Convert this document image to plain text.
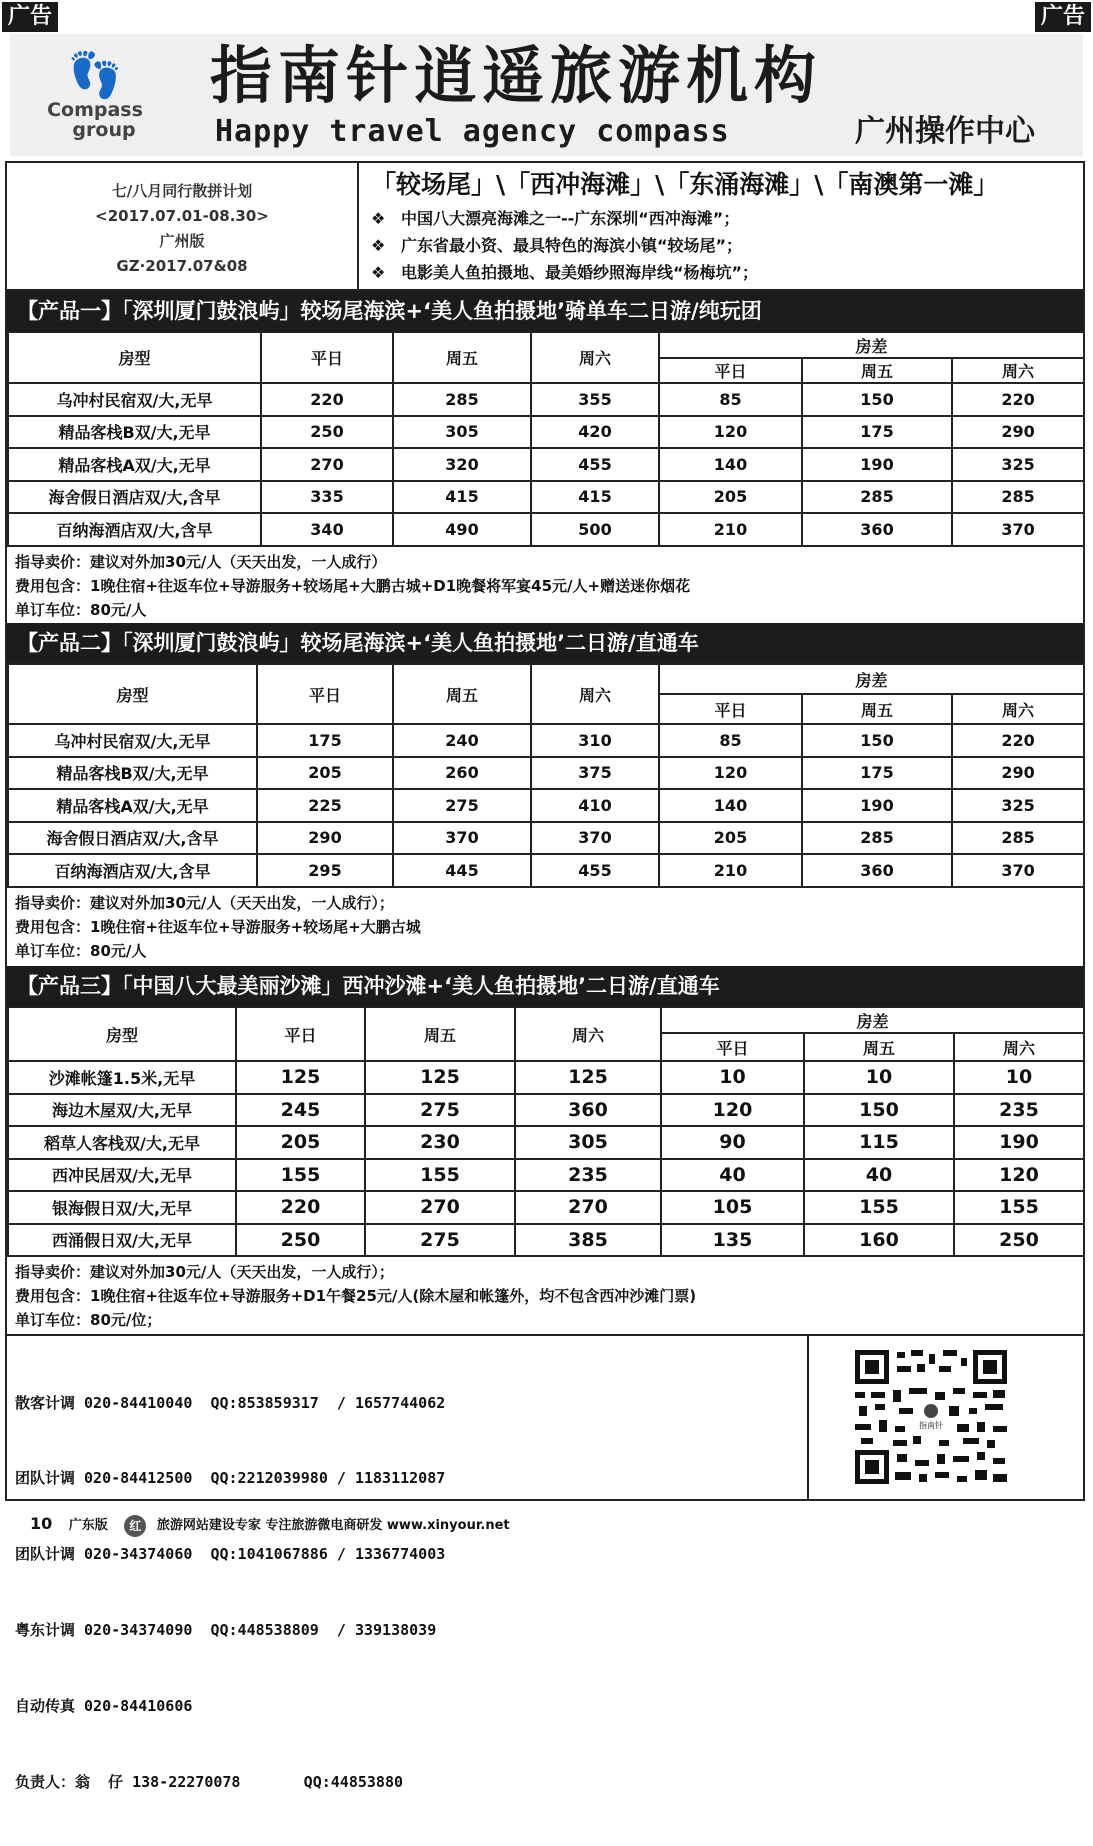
广告	广告
👣
Compass
group
指南针逍遥旅游机构
Happy travel agency compass	广州操作中心
七/八月同行散拼计划
<2017.07.01-08.30>
广州版
GZ·2017.07&08
「较场尾」\「西冲海滩」\「东涌海滩」\「南澳第一滩」
❖ 中国八大漂亮海滩之一--广东深圳“西冲海滩”；
❖ 广东省最小资、最具特色的海滨小镇“较场尾”；
❖ 电影美人鱼拍摄地、最美婚纱照海岸线“杨梅坑”；
【产品一】「深圳厦门鼓浪屿」较场尾海滨+‘美人鱼拍摄地’骑单车二日游/纯玩团
房型	平日	周五	周六	房差		
				平日	周五	周六
乌冲村民宿双/大,无早	220	285	355	85	150	220
精品客栈B双/大,无早	250	305	420	120	175	290
精品客栈A双/大,无早	270	320	455	140	190	325
海舍假日酒店双/大,含早	335	415	415	205	285	285
百纳海酒店双/大,含早	340	490	500	210	360	370
指导卖价：建议对外加30元/人（天天出发，一人成行）
费用包含：1晚住宿+往返车位+导游服务+较场尾+大鹏古城+D1晚餐将军宴45元/人+赠送迷你烟花
单订车位：80元/人
【产品二】「深圳厦门鼓浪屿」较场尾海滨+‘美人鱼拍摄地’二日游/直通车
房型	平日	周五	周六	房差		
				平日	周五	周六
乌冲村民宿双/大,无早	175	240	310	85	150	220
精品客栈B双/大,无早	205	260	375	120	175	290
精品客栈A双/大,无早	225	275	410	140	190	325
海舍假日酒店双/大,含早	290	370	370	205	285	285
百纳海酒店双/大,含早	295	445	455	210	360	370
指导卖价：建议对外加30元/人（天天出发，一人成行）；
费用包含：1晚住宿+往返车位+导游服务+较场尾+大鹏古城
单订车位：80元/人
【产品三】「中国八大最美丽沙滩」西冲沙滩+‘美人鱼拍摄地’二日游/直通车
房型	平日	周五	周六	房差		
				平日	周五	周六
沙滩帐篷1.5米,无早	125	125	125	10	10	10
海边木屋双/大,无早	245	275	360	120	150	235
稻草人客栈双/大,无早	205	230	305	90	115	190
西冲民居双/大,无早	155	155	235	40	40	120
银海假日双/大,无早	220	270	270	105	155	155
西涌假日双/大,无早	250	275	385	135	160	250
指导卖价：建议对外加30元/人（天天出发，一人成行）；
费用包含：1晚住宿+往返车位+导游服务+D1午餐25元/人(除木屋和帐篷外，均不包含西冲沙滩门票)
单订车位：80元/位；

散客计调 020-84410040  QQ:853859317  / 1657744062

团队计调 020-84412500  QQ:2212039980 / 1183112087

团队计调 020-34374060  QQ:1041067886 / 1336774003

粤东计调 020-34374090  QQ:448538809  / 339138039

自动传真 020-84410606

负责人：翁  仔 138-22270078       QQ:44853880

指南针
10 广东版 红 旅游网站建设专家 专注旅游微电商研发 www.xinyour.net
